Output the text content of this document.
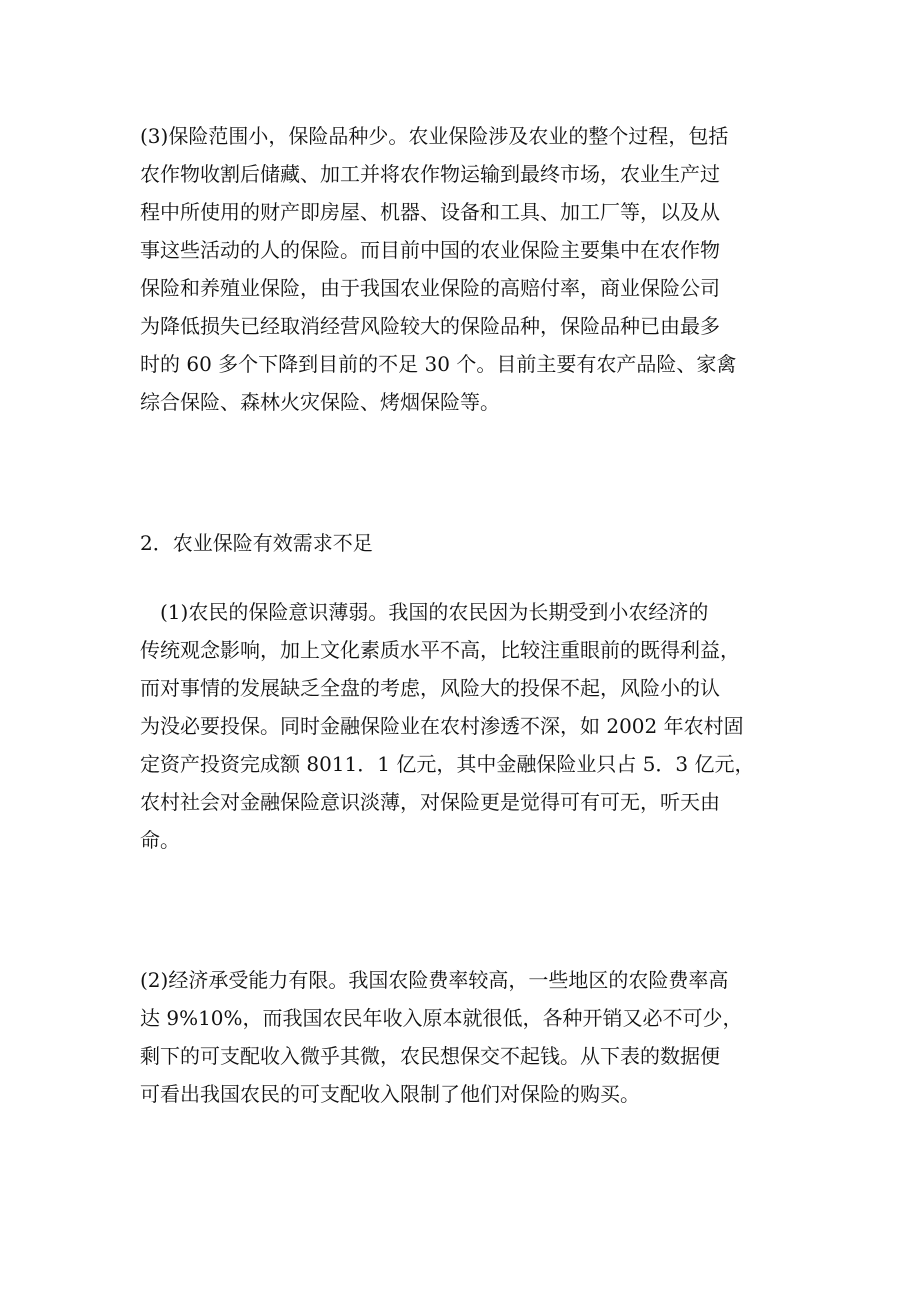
(3)保险范围小，保险品种少。农业保险涉及农业的整个过程，包括
农作物收割后储藏、加工并将农作物运输到最终市场，农业生产过
程中所使用的财产即房屋、机器、设备和工具、加工厂等，以及从
事这些活动的人的保险。而目前中国的农业保险主要集中在农作物
保险和养殖业保险，由于我国农业保险的高赔付率，商业保险公司
为降低损失已经取消经营风险较大的保险品种，保险品种已由最多
时的 60 多个下降到目前的不足 30 个。目前主要有农产品险、家禽
综合保险、森林火灾保险、烤烟保险等。
2．农业保险有效需求不足
(1)农民的保险意识薄弱。我国的农民因为长期受到小农经济的
传统观念影响，加上文化素质水平不高，比较注重眼前的既得利益，
而对事情的发展缺乏全盘的考虑，风险大的投保不起，风险小的认
为没必要投保。同时金融保险业在农村渗透不深，如 2002 年农村固
定资产投资完成额 8011．1 亿元，其中金融保险业只占 5．3 亿元，
农村社会对金融保险意识淡薄，对保险更是觉得可有可无，听天由
命。
(2)经济承受能力有限。我国农险费率较高，一些地区的农险费率高
达 9%10%，而我国农民年收入原本就很低，各种开销又必不可少，
剩下的可支配收入微乎其微，农民想保交不起钱。从下表的数据便
可看出我国农民的可支配收入限制了他们对保险的购买。
